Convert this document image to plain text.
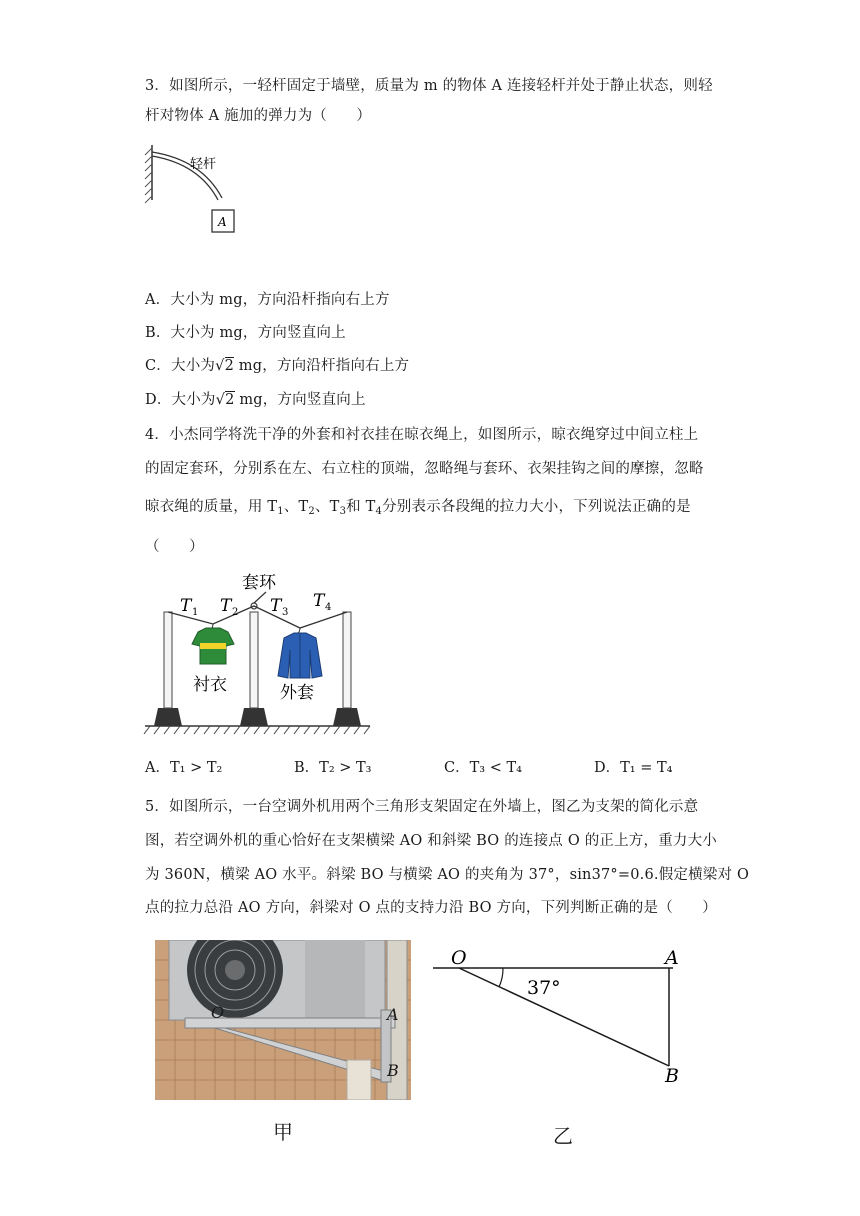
3．如图所示，一轻杆固定于墙壁，质量为 m 的物体 A 连接轻杆并处于静止状态，则轻
杆对物体 A 施加的弹力为（　　）
A
轻杆
A．大小为 mg，方向沿杆指向右上方
B．大小为 mg，方向竖直向上
C．大小为√2 mg，方向沿杆指向右上方
D．大小为√2 mg，方向竖直向上
4．小杰同学将洗干净的外套和衬衣挂在晾衣绳上，如图所示，晾衣绳穿过中间立柱上
的固定套环，分别系在左、右立柱的顶端，忽略绳与套环、衣架挂钩之间的摩擦，忽略
晾衣绳的质量，用 $T_1$、$T_2$、$T_3$和 $T_4$分别表示各段绳的拉力大小，下列说法正确的是
（　　）
T 1 T 2 T 3
T 4
套环
衬衣	外套
A．T₁ > T₂	B．T₂ > T₃	C．T₃ < T₄	D．T₁ = T₄
5．如图所示，一台空调外机用两个三角形支架固定在外墙上，图乙为支架的简化示意
图，若空调外机的重心恰好在支架横梁 AO 和斜梁 BO 的连接点 O 的正上方，重力大小
为 360N，横梁 AO 水平。斜梁 BO 与横梁 AO 的夹角为 37°，sin37°=0.6.假定横梁对 O
点的拉力总沿 AO 方向，斜梁对 O 点的支持力沿 BO 方向，下列判断正确的是（　　）
O	A
B
甲
O	A
B
37°
乙
